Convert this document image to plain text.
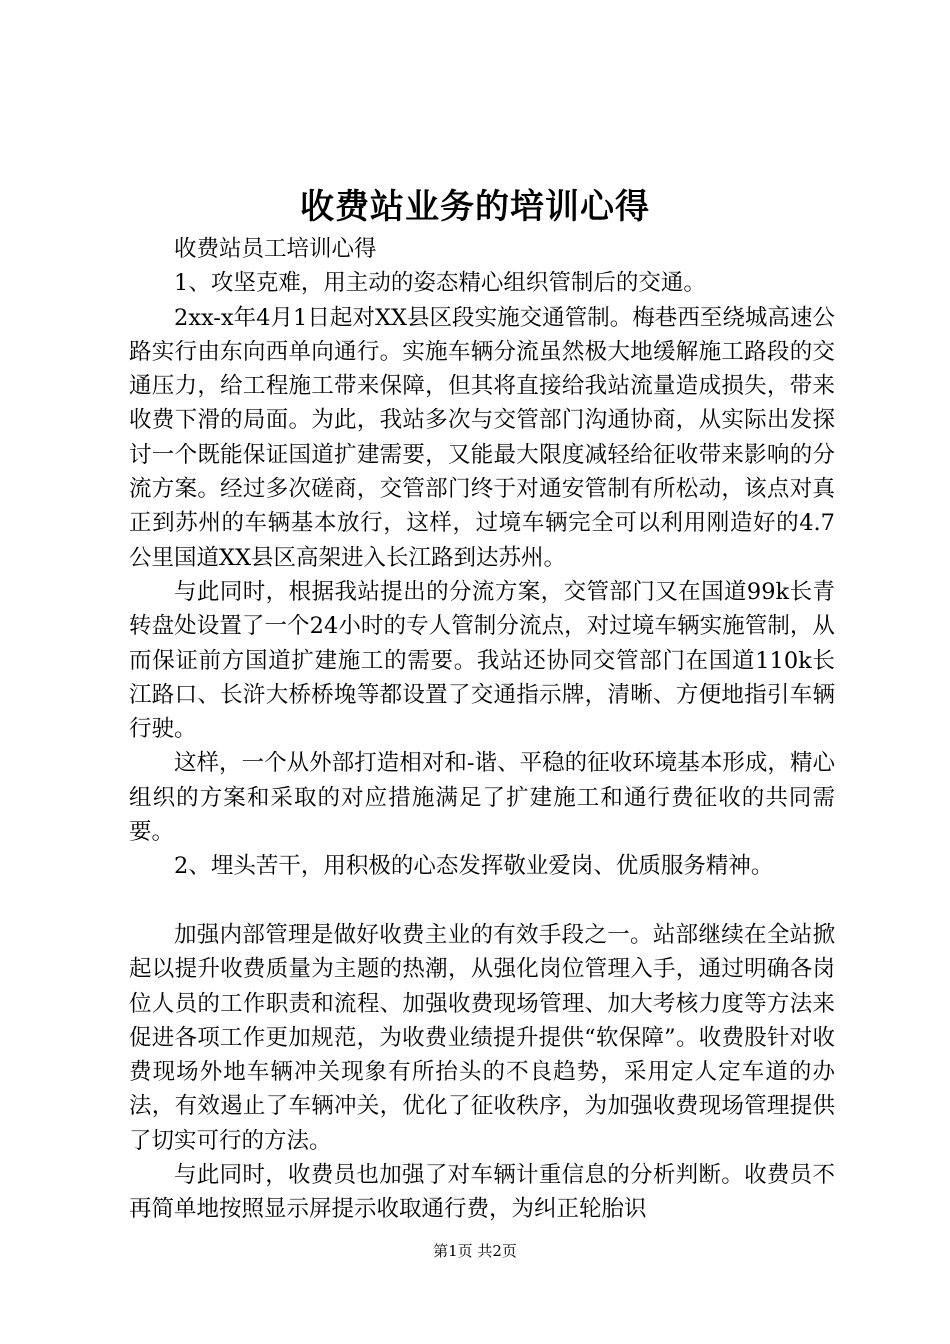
收费站业务的培训心得

收费站员工培训心得

1、攻坚克难，用主动的姿态精心组织管制后的交通。

2xx-x年4月1日起对XX县区段实施交通管制。梅巷西至绕城高速公路实行由东向西单向通行。实施车辆分流虽然极大地缓解施工路段的交通压力，给工程施工带来保障，但其将直接给我站流量造成损失，带来收费下滑的局面。为此，我站多次与交管部门沟通协商，从实际出发探讨一个既能保证国道扩建需要，又能最大限度减轻给征收带来影响的分流方案。经过多次磋商，交管部门终于对通安管制有所松动，该点对真正到苏州的车辆基本放行，这样，过境车辆完全可以利用刚造好的4.7公里国道XX县区高架进入长江路到达苏州。

与此同时，根据我站提出的分流方案，交管部门又在国道99k长青转盘处设置了一个24小时的专人管制分流点，对过境车辆实施管制，从而保证前方国道扩建施工的需要。我站还协同交管部门在国道110k长江路口、长浒大桥桥堍等都设置了交通指示牌，清晰、方便地指引车辆行驶。

这样，一个从外部打造相对和-谐、平稳的征收环境基本形成，精心组织的方案和采取的对应措施满足了扩建施工和通行费征收的共同需要。

2、埋头苦干，用积极的心态发挥敬业爱岗、优质服务精神。

加强内部管理是做好收费主业的有效手段之一。站部继续在全站掀起以提升收费质量为主题的热潮，从强化岗位管理入手，通过明确各岗位人员的工作职责和流程、加强收费现场管理、加大考核力度等方法来促进各项工作更加规范，为收费业绩提升提供“软保障”。收费股针对收费现场外地车辆冲关现象有所抬头的不良趋势，采用定人定车道的办法，有效遏止了车辆冲关，优化了征收秩序，为加强收费现场管理提供了切实可行的方法。

与此同时，收费员也加强了对车辆计重信息的分析判断。收费员不再简单地按照显示屏提示收取通行费，为纠正轮胎识

第1页 共2页
